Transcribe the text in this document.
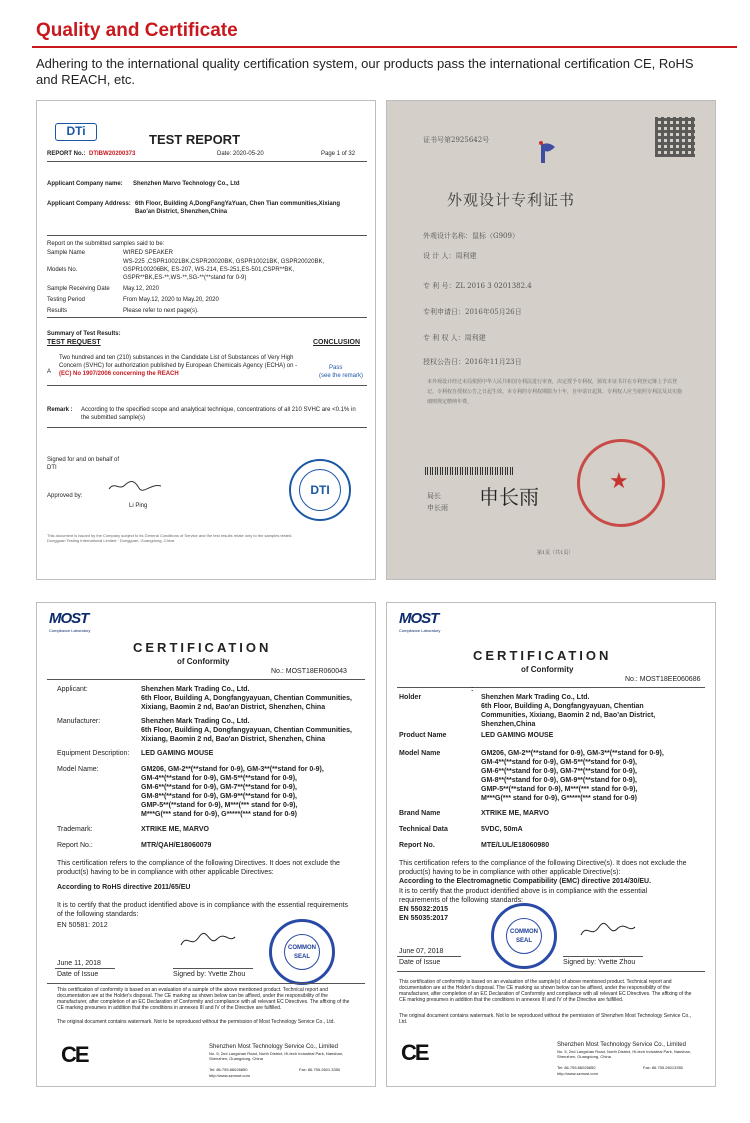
Quality and Certificate
Adhering to the international quality certification system, our products pass the international certification CE, RoHS and REACH, etc.
DTi
TEST REPORT
REPORT No.: DTIBW20200373	Date: 2020-05-20	Page 1 of 32
Applicant Company name: Shenzhen Marvo Technology Co., Ltd
Applicant Company Address: 6th Floor, Building A,DongFangYaYuan, Chen Tian communities,Xixiang
Bao'an District, Shenzhen,China
Report on the submitted samples said to be:
Sample Name	WIRED SPEAKER
Models No.
WS-225 ,CSPR10021BK,CSPR20020BK, GSPR10021BK, GSPR20020BK,
GSPR100206BK, ES-207, WS-214, ES-251,ES-501,CSPR**BK,
GSPR**BK,ES-**,WS-**,SG-**(**stand for 0-9)
Sample Receiving Date May.12, 2020
Testing Period	From May.12, 2020 to May.20, 2020
Results	Please refer to next page(s).
Summary of Test Results:
TEST REQUEST	CONCLUSION
A
Two hundred and ten (210) substances in the Candidate List of Substances of Very High
Concern (SVHC) for authorization published by European Chemicals Agency (ECHA) on -
(EC) No 1907/2006 concerning the REACH
Pass
(see the remark)
Remark : According to the specified scope and analytical technique, concentrations of all 210 SVHC are <0.1% in
the submitted sample(s)
Signed for and on behalf of
DTI
Approved by:
Li Ping
DTI
This document is issued by the Company subject to its General Conditions of Service and the test results relate only to the samples tested.
Dongguan Testing International Limited · Dongguan, Guangdong, China
证书号第2925642号
外观设计专利证书
外观设计名称：鼠标（G909）
设 计 人：周利建
专 利 号：ZL 2016 3 0201382.4
专利申请日：2016年05月26日
专 利 权 人：周利建
授权公告日：2016年11月23日
本外观设计经过本局依照中华人民共和国专利法进行审查，决定授予专利权，颁发本证书并在专利登记簿上予以登记。专利权自授权公告之日起生效。本专利的专利权期限为十年，自申请日起算。专利权人应当依照专利法及其实施细则规定缴纳年费。
局长
申长雨 申长雨
★
第1页（共1页）
MOST
Compliance Laboratory
CERTIFICATION
of Conformity
No.: MOST18ER060043
Applicant:	Shenzhen Mark Trading Co., Ltd.
6th Floor, Building A, Dongfangyayuan, Chentian Communities,
Xixiang, Baomin 2 nd, Bao'an District, Shenzhen, China
Manufacturer:	Shenzhen Mark Trading Co., Ltd.
6th Floor, Building A, Dongfangyayuan, Chentian Communities,
Xixiang, Baomin 2 nd, Bao'an District, Shenzhen, China
Equipment Description: LED GAMING MOUSE
Model Name:	GM206, GM-2**(**stand for 0-9), GM-3**(**stand for 0-9),
GM-4**(**stand for 0-9), GM-5**(**stand for 0-9),
GM-6**(**stand for 0-9), GM-7**(**stand for 0-9),
GM-8**(**stand for 0-9), GM-9**(**stand for 0-9),
GMP-5**(**stand for 0-9), M***(*** stand for 0-9),
M***G(*** stand for 0-9), G*****(*** stand for 0-9)
Trademark:	XTRIKE ME, MARVO
Report No.:	MTR/QAH/E18060079
This certification refers to the compliance of the following Directives. It does not exclude the
product(s) having to be in compliance with other applicable Directives:
According to RoHS directive 2011/65/EU
It is to certify that the product identified above is in compliance with the essential requirements
of the following standards:
EN 50581: 2012
June 11, 2018
Date of Issue	Signed by: Yvette Zhou
COMMON
SEAL
This certification of conformity is based on an evaluation of a sample of the above mentioned product. Technical report and documentation are at the Holder's disposal. The CE marking as shown below can be affixed, under the responsibility of the manufacturer, after completion of an EC Declaration of Conformity and compliance with all relevant EC Directives. The affixing of the CE marking presumes in addition that the conditions in annexes III and IV of the Directive are fulfilled.
The original document contains watermark. Not to be reproduced without the permission of Most Technology Service Co., Ltd.
CE	Shenzhen Most Technology Service Co., Limited
No. 5, 2nd Langshan Road, North District, Hi-tech Industrial Park, Nanshan, Shenzhen, Guangdong, China
Tel: 86.755.86026850	Fax: 86.755.2601.3350
http://www.szmost.com
MOST
Compliance Laboratory
CERTIFICATION
of Conformity
No.: MOST18EE060686
Holder
:
Shenzhen Mark Trading Co., Ltd.
6th Floor, Building A, Dongfangyayuan, Chentian
Communities, Xixiang, Baomin 2 nd, Bao’an District,
Shenzhen,China
Product Name	LED GAMING MOUSE
Model Name	GM206, GM-2**(**stand for 0-9), GM-3**(**stand for 0-9),
GM-4**(**stand for 0-9), GM-5**(**stand for 0-9),
GM-6**(**stand for 0-9), GM-7**(**stand for 0-9),
GM-8**(**stand for 0-9), GM-9**(**stand for 0-9),
GMP-5**(**stand for 0-9), M***(*** stand for 0-9),
M***G(*** stand for 0-9), G*****(*** stand for 0-9)
Brand Name	XTRIKE ME, MARVO
Technical Data	5VDC, 50mA
Report No.	MTE/LUL/E18060980
This certification refers to the compliance of the following Directive(s). It does not exclude the
product(s) having to be in compliance with other applicable Directive(s):
According to the Electromagnetic Compatibility (EMC) directive 2014/30/EU.
It is to certify that the product identified above is in compliance with the essential
requirements of the following standards:
EN 55032:2015
EN 55035:2017
COMMON
SEAL
June 07, 2018
Date of Issue	Signed by: Yvette Zhou
This certification of conformity is based on an evaluation of the sample(s) of above mentioned product. Technical report and documentation are at the Holder's disposal. The CE marking as shown below can be affixed, under the responsibility of the manufacturer, after completion of an EC Declaration of Conformity and compliance with all relevant EC Directives. The affixing of the CE marking presumes in addition that the conditions in annexes III and IV of the Directive are fulfilled.
The original document contains watermark. Not to be reproduced without the permission of Shenzhen Most Technology Service Co., Ltd.
CE	Shenzhen Most Technology Service Co., Limited
No. 5, 2nd Langshan Road, North District, Hi-tech Industrial Park, Nanshan, Shenzhen, Guangdong, China
Tel: 86.755.86026850	Fax: 86.755.26013350
http://www.szmost.com
